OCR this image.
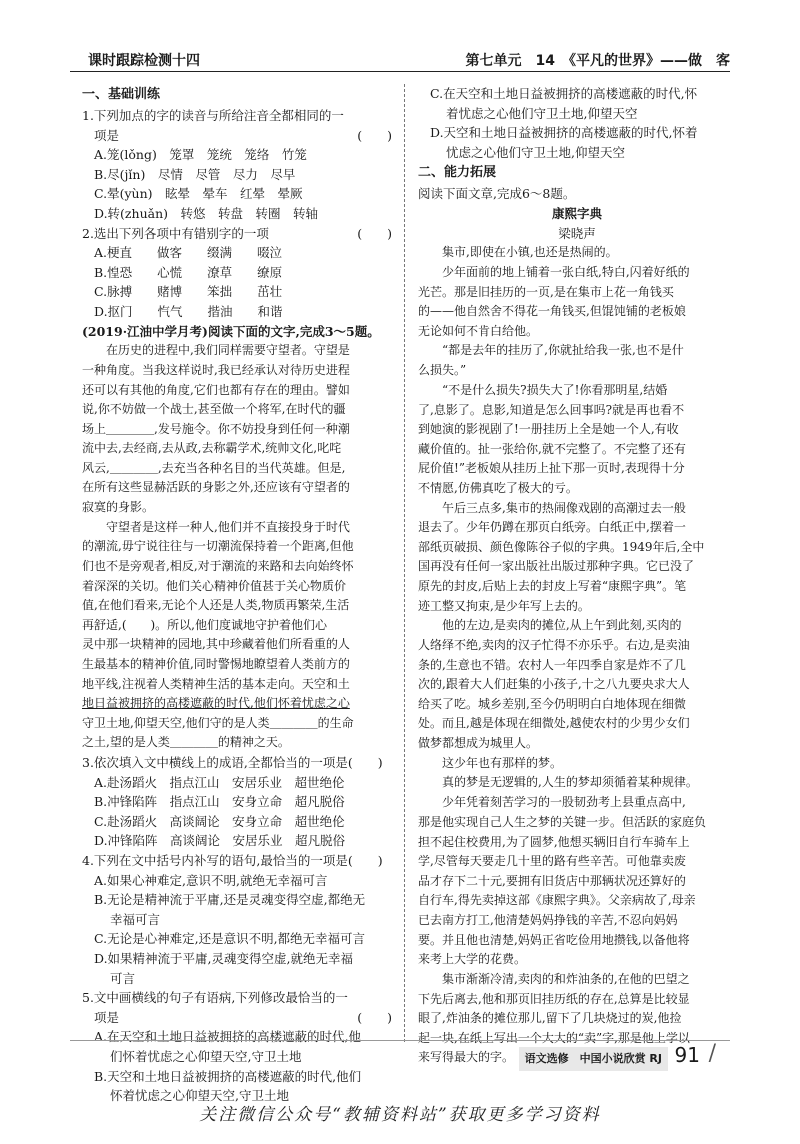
课时跟踪检测十四	第七单元　14　《平凡的世界》——做　客
一、基础训练
1.下列加点的字的读音与所给注音全都相同的一
项是	(　　)
A.笼(lǒng)　笼罩　笼统　笼络　竹笼
B.尽(jǐn)　尽情　尽管　尽力　尽早
C.晕(yùn)　眩晕　晕车　红晕　晕厥
D.转(zhuǎn)　转悠　转盘　转圈　转轴
2.选出下列各项中有错别字的一项	(　　)
A.梗直　　做客　　缀满　　啜泣
B.惶恐　　心慌　　潦草　　缭原
C.脉搏　　赌博　　笨拙　　茁壮
D.抠门　　忾气　　揩油　　和谐
(2019·江油中学月考)阅读下面的文字,完成3～5题。
在历史的进程中,我们同样需要守望者。守望是
一种角度。当我这样说时,我已经承认对待历史进程
还可以有其他的角度,它们也都有存在的理由。譬如
说,你不妨做一个战士,甚至做一个将军,在时代的疆
场上＿＿＿＿,发号施令。你不妨投身到任何一种潮
流中去,去经商,去从政,去称霸学术,统帅文化,叱咤
风云,＿＿＿＿,去充当各种名目的当代英雄。但是,
在所有这些显赫活跃的身影之外,还应该有守望者的
寂寞的身影。
守望者是这样一种人,他们并不直接投身于时代
的潮流,毋宁说往往与一切潮流保持着一个距离,但他
们也不是旁观者,相反,对于潮流的来路和去向始终怀
着深深的关切。他们关心精神价值甚于关心物质价
值,在他们看来,无论个人还是人类,物质再繁荣,生活
再舒适,(　　)。所以,他们度诚地守护着他们心
灵中那一块精神的园地,其中珍藏着他们所看重的人
生最基本的精神价值,同时警惕地瞭望着人类前方的
地平线,注视着人类精神生活的基本走向。天空和土
地日益被拥挤的高楼遮蔽的时代,他们怀着忧虑之心
守卫土地,仰望天空,他们守的是人类＿＿＿＿的生命
之土,望的是人类＿＿＿＿的精神之天。
3.依次填入文中横线上的成语,全都恰当的一项是(　　)
A.赴汤蹈火　指点江山　安居乐业　超世绝伦
B.冲锋陷阵　指点江山　安身立命　超凡脱俗
C.赴汤蹈火　高谈阔论　安身立命　超世绝伦
D.冲锋陷阵　高谈阔论　安居乐业　超凡脱俗
4.下列在文中括号内补写的语句,最恰当的一项是(　　)
A.如果心神难定,意识不明,就绝无幸福可言
B.无论是精神流于平庸,还是灵魂变得空虚,都绝无
幸福可言
C.无论是心神难定,还是意识不明,都绝无幸福可言
D.如果精神流于平庸,灵魂变得空虚,就绝无幸福
可言
5.文中画横线的句子有语病,下列修改最恰当的一
项是	(　　)
A.在天空和土地日益被拥挤的高楼遮蔽的时代,他
们怀着忧虑之心仰望天空,守卫土地
B.天空和土地日益被拥挤的高楼遮蔽的时代,他们
怀着忧虑之心仰望天空,守卫土地
C.在天空和土地日益被拥挤的高楼遮蔽的时代,怀
着忧虑之心他们守卫土地,仰望天空
D.天空和土地日益被拥挤的高楼遮蔽的时代,怀着
忧虑之心他们守卫土地,仰望天空
二、能力拓展
阅读下面文章,完成6～8题。
康熙字典
梁晓声
集市,即使在小镇,也还是热闹的。
少年面前的地上铺着一张白纸,特白,闪着好纸的
光芒。那是旧挂历的一页,是在集市上花一角钱买
的——他自然舍不得花一角钱买,但馄饨铺的老板娘
无论如何不肯白给他。
“都是去年的挂历了,你就扯给我一张,也不是什
么损失。”
“不是什么损失?损失大了!你看那明星,结婚
了,息影了。息影,知道是怎么回事吗?就是再也看不
到她演的影视剧了!一册挂历上全是她一个人,有收
藏价值的。扯一张给你,就不完整了。不完整了还有
屁价值!”老板娘从挂历上扯下那一页时,表现得十分
不情愿,仿佛真吃了极大的亏。
午后三点多,集市的热闹像戏剧的高潮过去一般
退去了。少年仍蹲在那页白纸旁。白纸正中,摆着一
部纸页破损、颜色像陈谷子似的字典。1949年后,全中
国再没有任何一家出版社出版过那种字典。它已没了
原先的封皮,后贴上去的封皮上写着“康熙字典”。笔
迹工整又拘束,是少年写上去的。
他的左边,是卖肉的摊位,从上午到此刻,买肉的
人络绎不绝,卖肉的汉子忙得不亦乐乎。右边,是卖油
条的,生意也不错。农村人一年四季自家是炸不了几
次的,跟着大人们赶集的小孩子,十之八九要央求大人
给买了吃。城乡差别,至今仍明明白白地体现在细微
处。而且,越是体现在细微处,越使农村的少男少女们
做梦都想成为城里人。
这少年也有那样的梦。
真的梦是无逻辑的,人生的梦却须循着某种规律。
少年凭着刻苦学习的一股韧劲考上县重点高中,
那是他实现自己人生之梦的关键一步。但活跃的家庭负
担不起住校费用,为了圆梦,他想买辆旧自行车骑车上
学,尽管每天要走几十里的路有些辛苦。可他靠卖废
品才存下二十元,要拥有旧货店中那辆状况还算好的
自行车,得先卖掉这部《康熙字典》。父亲病故了,母亲
已去南方打工,他清楚妈妈挣钱的辛苦,不忍向妈妈
要。并且他也清楚,妈妈正省吃俭用地攒钱,以备他将
来考上大学的花费。
集市渐渐冷清,卖肉的和炸油条的,在他的巴望之
下先后离去,他和那页旧挂历纸的存在,总算是比较显
眼了,炸油条的摊位那儿,留下了几块烧过的炭,他捡
起一块,在纸上写出一个大大的“卖”字,那是他上学以
来写得最大的字。 语文选修　中国小说欣赏 RJ 91 /
关注微信公众号“教辅资料站”获取更多学习资料
